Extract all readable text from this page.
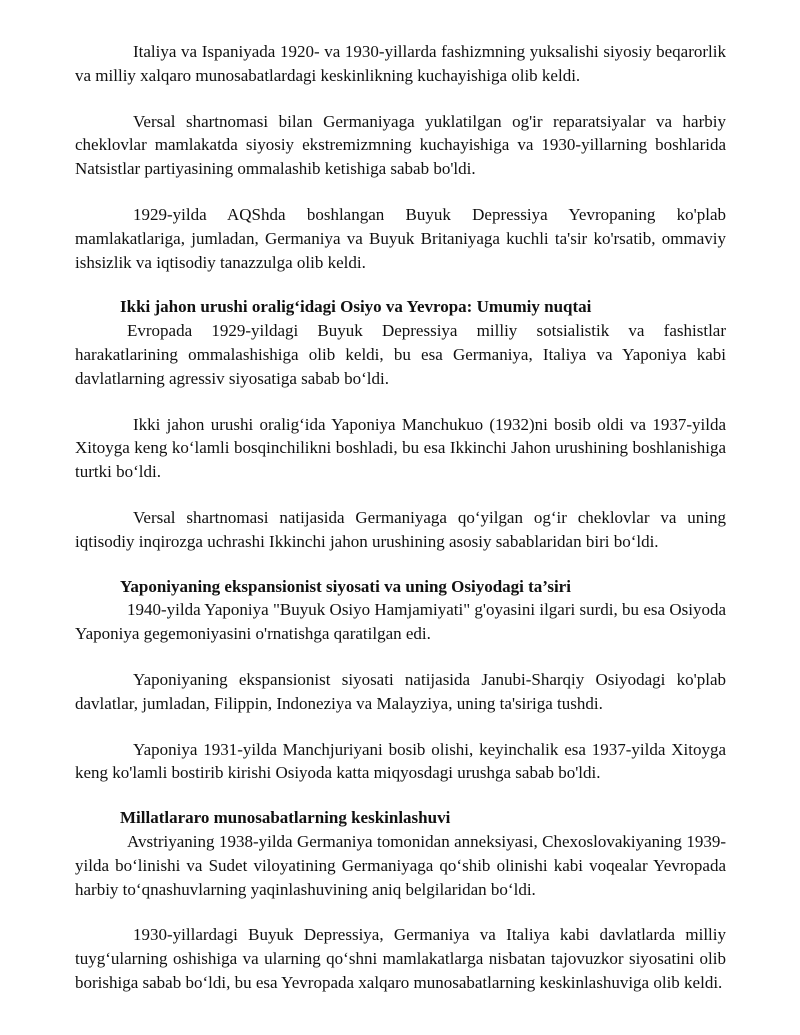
Italiya va Ispaniyada 1920- va 1930-yillarda fashizmning yuksalishi siyosiy beqarorlik va milliy xalqaro munosabatlardagi keskinlikning kuchayishiga olib keldi.

Versal shartnomasi bilan Germaniyaga yuklatilgan og'ir reparatsiyalar va harbiy cheklovlar mamlakatda siyosiy ekstremizmning kuchayishiga va 1930-yillarning boshlarida Natsistlar partiyasining ommalashib ketishiga sabab bo'ldi.

1929-yilda AQShda boshlangan Buyuk Depressiya Yevropaning ko'plab mamlakatlariga, jumladan, Germaniya va Buyuk Britaniyaga kuchli ta'sir ko'rsatib, ommaviy ishsizlik va iqtisodiy tanazzulga olib keldi.

Ikki jahon urushi oralig‘idagi Osiyo va Yevropa: Umumiy nuqtai

Evropada 1929-yildagi Buyuk Depressiya milliy sotsialistik va fashistlar harakatlarining ommalashishiga olib keldi, bu esa Germaniya, Italiya va Yaponiya kabi davlatlarning agressiv siyosatiga sabab bo‘ldi.

Ikki jahon urushi oralig‘ida Yaponiya Manchukuo (1932)ni bosib oldi va 1937-yilda Xitoyga keng ko‘lamli bosqinchilikni boshladi, bu esa Ikkinchi Jahon urushining boshlanishiga turtki bo‘ldi.

Versal shartnomasi natijasida Germaniyaga qo‘yilgan og‘ir cheklovlar va uning iqtisodiy inqirozga uchrashi Ikkinchi jahon urushining asosiy sabablaridan biri bo‘ldi.

Yaponiyaning ekspansionist siyosati va uning Osiyodagi ta’siri

1940-yilda Yaponiya "Buyuk Osiyo Hamjamiyati" g'oyasini ilgari surdi, bu esa Osiyoda Yaponiya gegemoniyasini o'rnatishga qaratilgan edi.

Yaponiyaning ekspansionist siyosati natijasida Janubi-Sharqiy Osiyodagi ko'plab davlatlar, jumladan, Filippin, Indoneziya va Malayziya, uning ta'siriga tushdi.

Yaponiya 1931-yilda Manchjuriyani bosib olishi, keyinchalik esa 1937-yilda Xitoyga keng ko'lamli bostirib kirishi Osiyoda katta miqyosdagi urushga sabab bo'ldi.

Millatlararo munosabatlarning keskinlashuvi

Avstriyaning 1938-yilda Germaniya tomonidan anneksiyasi, Chexoslovakiyaning 1939-yilda bo‘linishi va Sudet viloyatining Germaniyaga qo‘shib olinishi kabi voqealar Yevropada harbiy to‘qnashuvlarning yaqinlashuvining aniq belgilaridan bo‘ldi.

1930-yillardagi Buyuk Depressiya, Germaniya va Italiya kabi davlatlarda milliy tuyg‘ularning oshishiga va ularning qo‘shni mamlakatlarga nisbatan tajovuzkor siyosatini olib borishiga sabab bo‘ldi, bu esa Yevropada xalqaro munosabatlarning keskinlashuviga olib keldi.
